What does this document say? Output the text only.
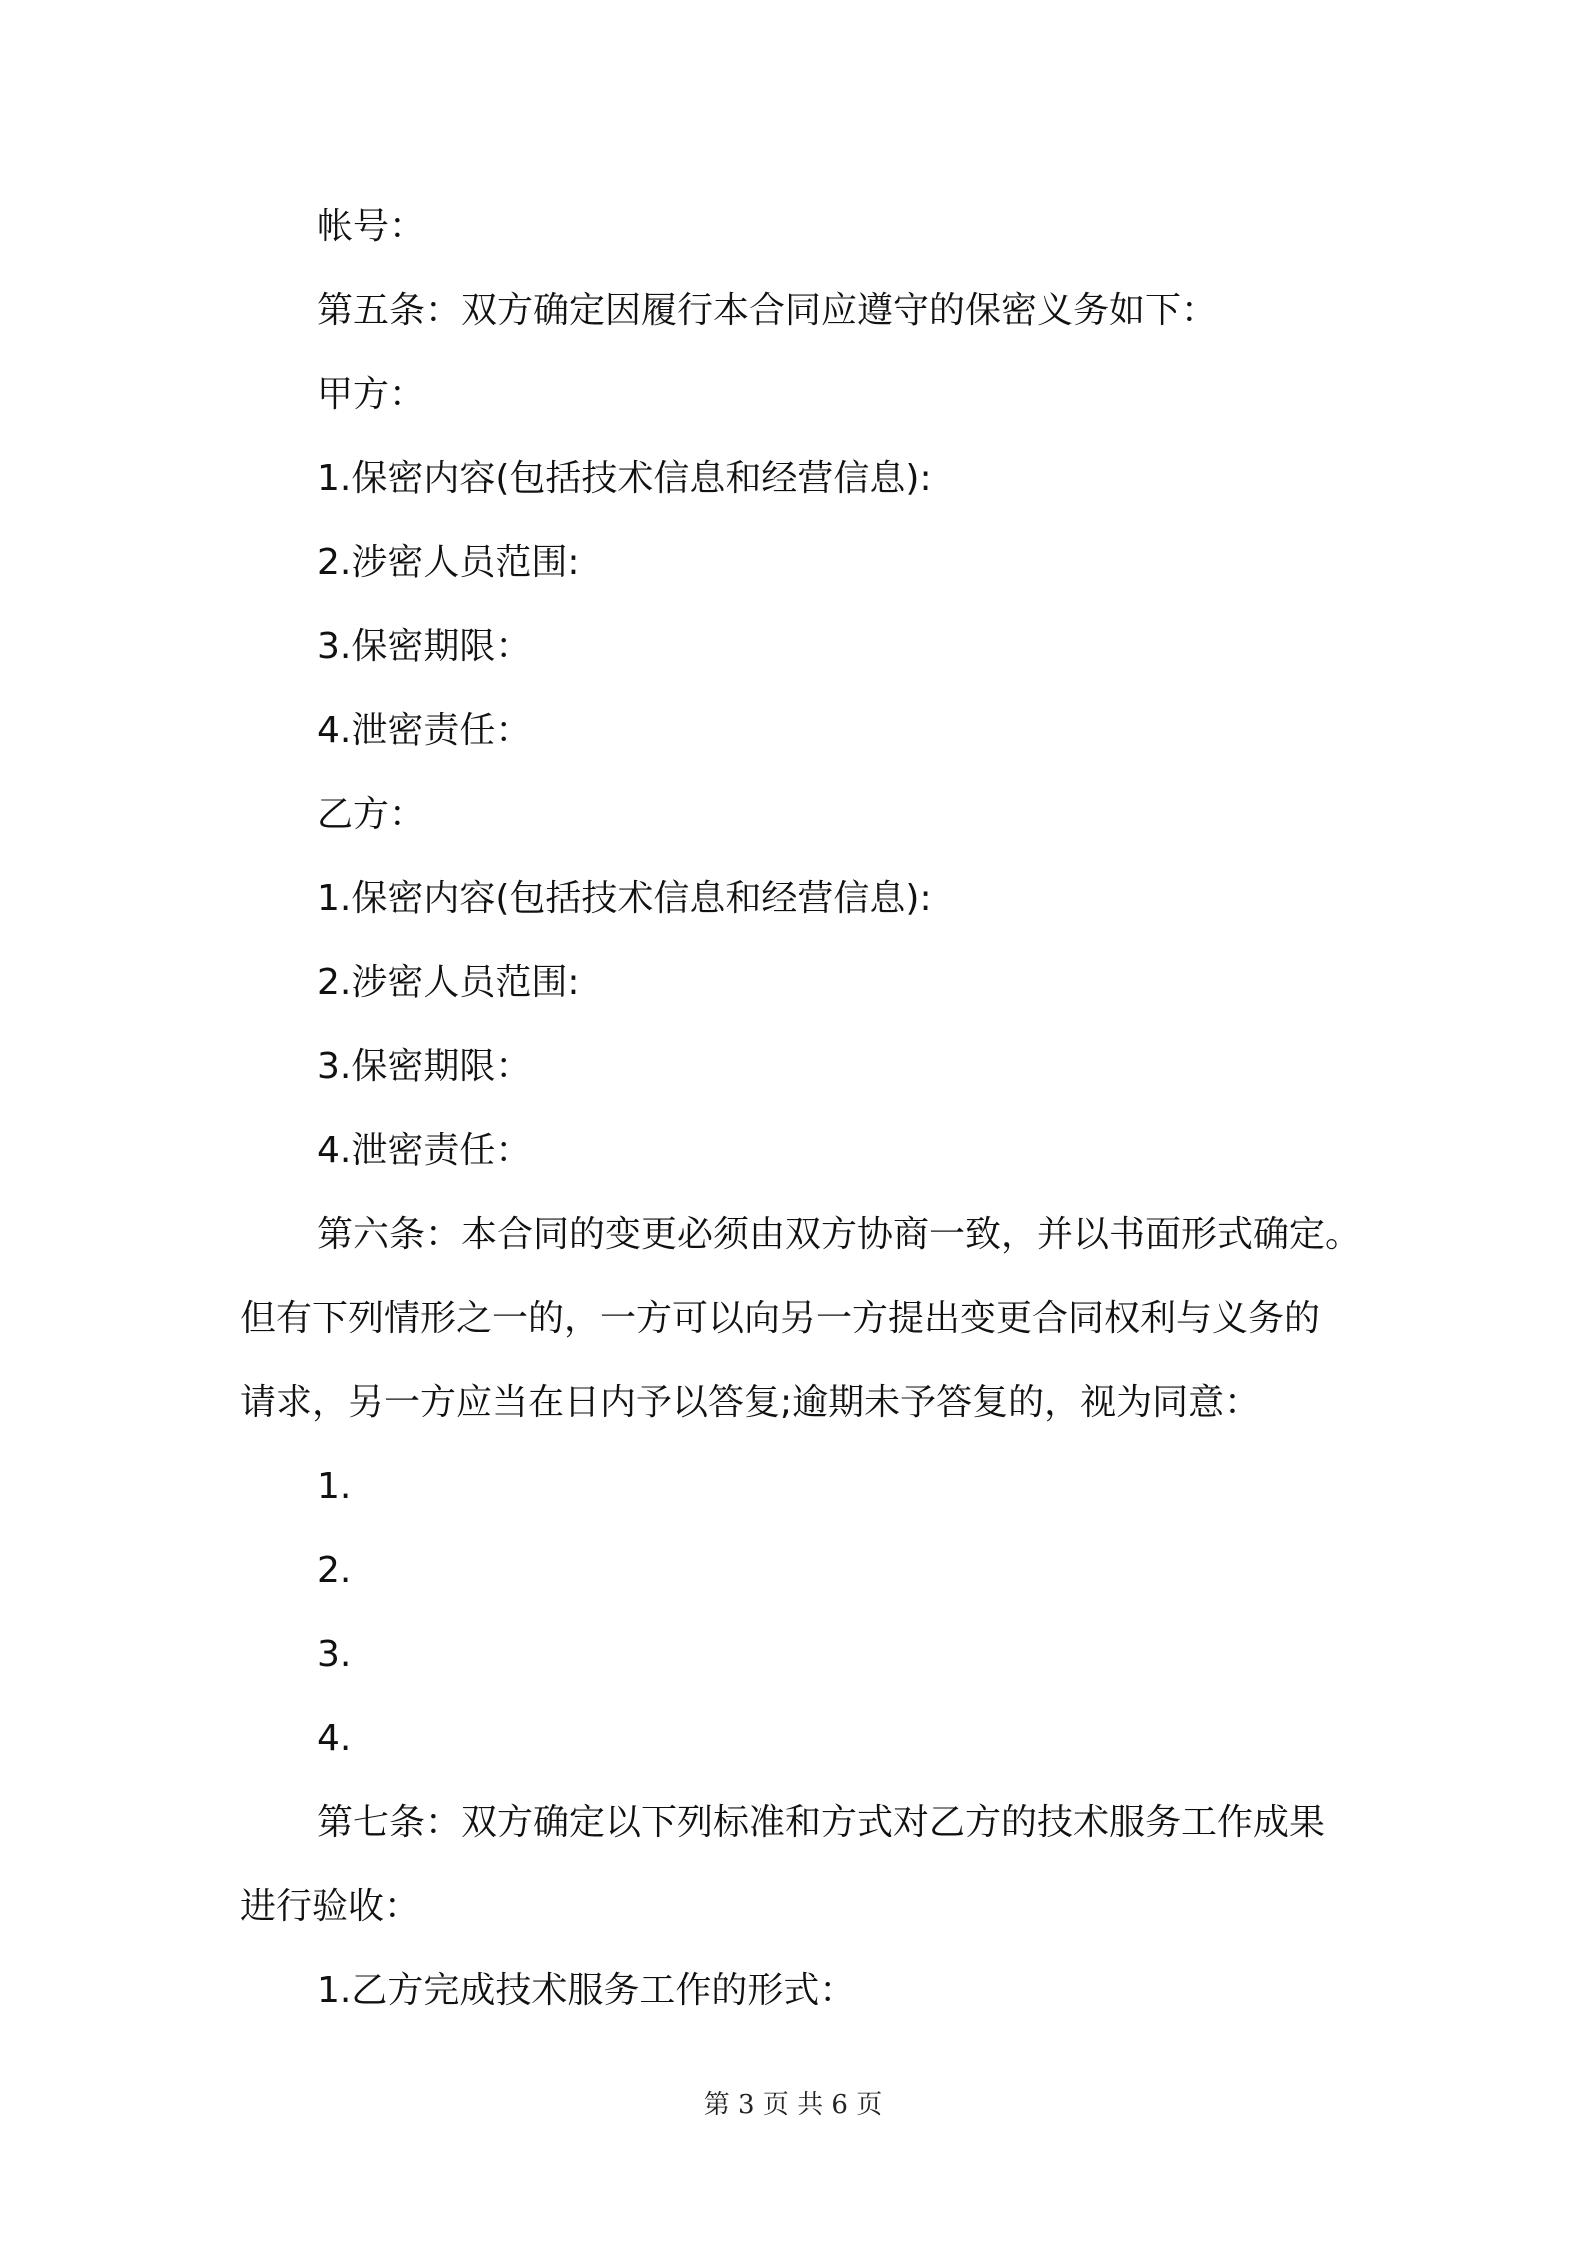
帐号：
第五条：双方确定因履行本合同应遵守的保密义务如下：
甲方：
1.保密内容(包括技术信息和经营信息):
2.涉密人员范围:
3.保密期限：
4.泄密责任：
乙方：
1.保密内容(包括技术信息和经营信息):
2.涉密人员范围:
3.保密期限：
4.泄密责任：
第六条：本合同的变更必须由双方协商一致，并以书面形式确定。
但有下列情形之一的，一方可以向另一方提出变更合同权利与义务的
请求，另一方应当在日内予以答复;逾期未予答复的，视为同意：
1.
2.
3.
4.
第七条：双方确定以下列标准和方式对乙方的技术服务工作成果
进行验收：
1.乙方完成技术服务工作的形式：
第 3 页 共 6 页
